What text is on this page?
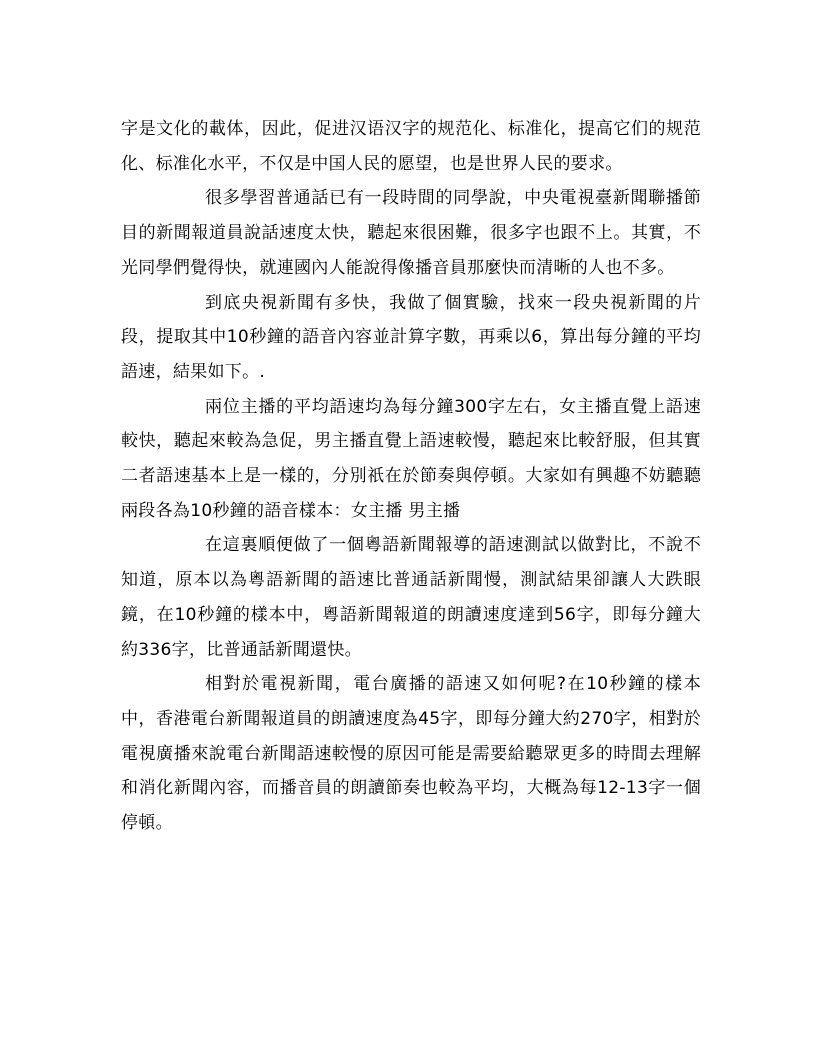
字是文化的載体，因此，促进汉语汉字的规范化、标准化，提高它们的规范化、标准化水平，不仅是中国人民的愿望，也是世界人民的要求。

很多學習普通話已有一段時間的同學說，中央電視臺新聞聯播節目的新聞報道員說話速度太快，聽起來很困難，很多字也跟不上。其實，不光同學們覺得快，就連國內人能說得像播音員那麼快而清晰的人也不多。

到底央視新聞有多快，我做了個實驗，找來一段央視新聞的片段，提取其中10秒鐘的語音內容並計算字數，再乘以6，算出每分鐘的平均語速，結果如下。.

兩位主播的平均語速均為每分鐘300字左右，女主播直覺上語速較快，聽起來較為急促，男主播直覺上語速較慢，聽起來比較舒服，但其實二者語速基本上是一樣的，分別祇在於節奏與停頓。大家如有興趣不妨聽聽兩段各為10秒鐘的語音樣本：女主播 男主播

在這裏順便做了一個粵語新聞報導的語速測試以做對比，不說不知道，原本以為粵語新聞的語速比普通話新聞慢，測試結果卻讓人大跌眼鏡，在10秒鐘的樣本中，粵語新聞報道的朗讀速度達到56字，即每分鐘大約336字，比普通話新聞還快。

相對於電視新聞，電台廣播的語速又如何呢?在10秒鐘的樣本中，香港電台新聞報道員的朗讀速度為45字，即每分鐘大約270字，相對於電視廣播來說電台新聞語速較慢的原因可能是需要給聽眾更多的時間去理解和消化新聞內容，而播音員的朗讀節奏也較為平均，大概為每12-13字一個停頓。
